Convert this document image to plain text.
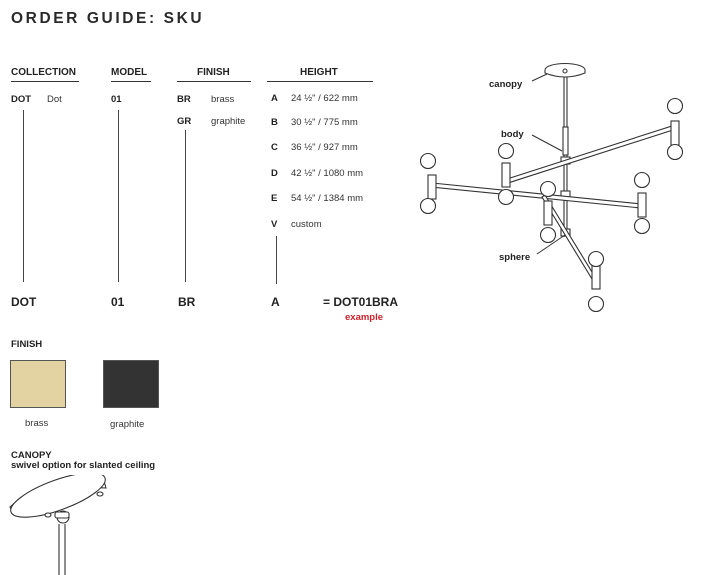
ORDER GUIDE: SKU
COLLECTION	MODEL	FINISH	HEIGHT
DOT Dot	01	BR brass
GR graphite
A 24 ½" / 622 mm
B 30 ½" / 775 mm
C 36 ½" / 927 mm
D 42 ½" / 1080 mm
E 54 ½" / 1384 mm
V custom
DOT	01	BR	A	= DOT01BRA
example
FINISH
brass	graphite
CANOPY
swivel option for slanted ceiling
canopy
body
sphere
